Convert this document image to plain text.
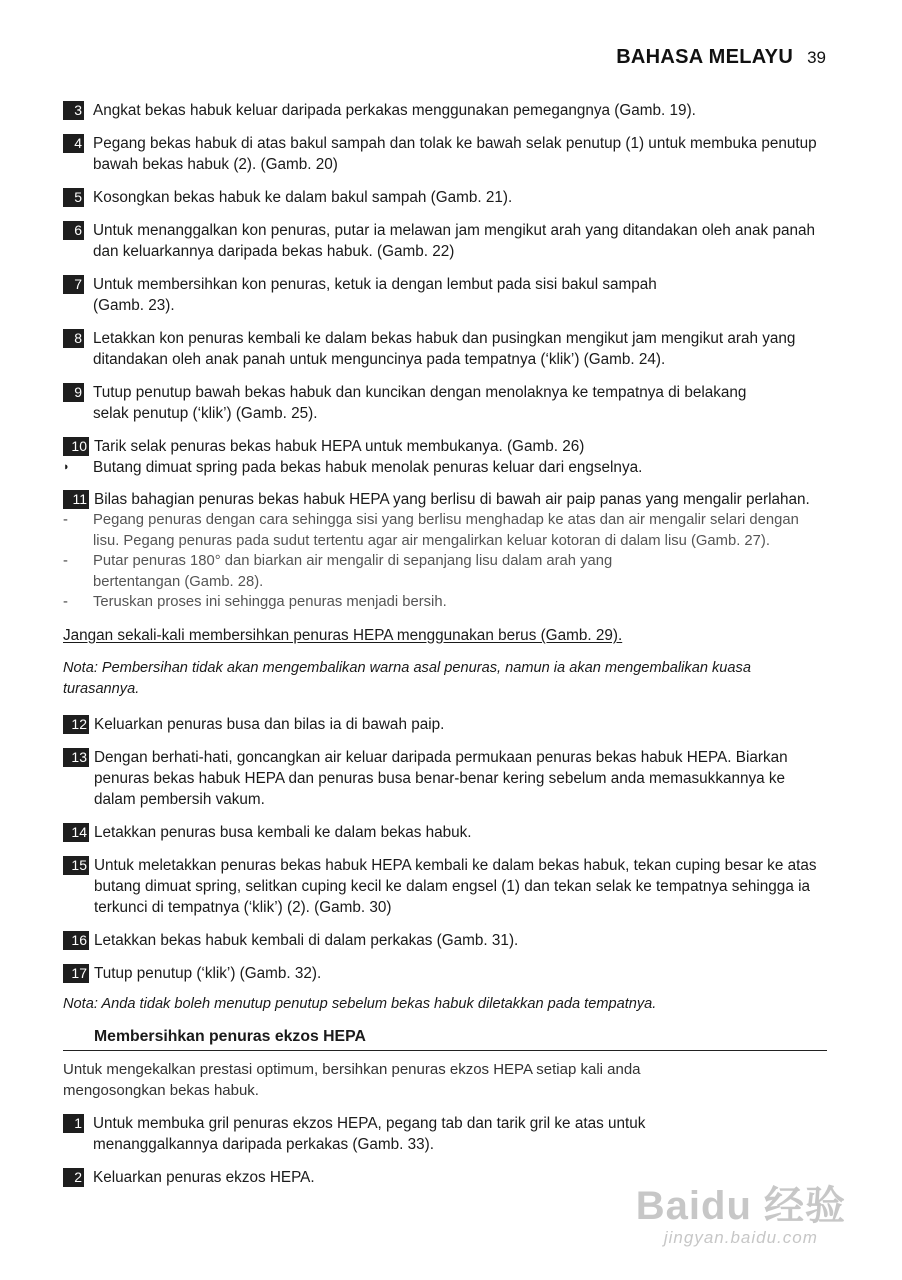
BAHASA MELAYU 39
3 Angkat bekas habuk keluar daripada perkakas menggunakan pemegangnya (Gamb. 19).
4 Pegang bekas habuk di atas bakul sampah dan tolak ke bawah selak penutup (1) untuk membuka penutup bawah bekas habuk (2). (Gamb. 20)
5 Kosongkan bekas habuk ke dalam bakul sampah (Gamb. 21).
6 Untuk menanggalkan kon penuras, putar ia melawan jam mengikut arah yang ditandakan oleh anak panah dan keluarkannya daripada bekas habuk. (Gamb. 22)
7 Untuk membersihkan kon penuras, ketuk ia dengan lembut pada sisi bakul sampah (Gamb. 23).
8 Letakkan kon penuras kembali ke dalam bekas habuk dan pusingkan mengikut jam mengikut arah yang ditandakan oleh anak panah untuk menguncinya pada tempatnya (‘klik’) (Gamb. 24).
9 Tutup penutup bawah bekas habuk dan kuncikan dengan menolaknya ke tempatnya di belakang selak penutup (‘klik’) (Gamb. 25).
10 Tarik selak penuras bekas habuk HEPA untuk membukanya. (Gamb. 26)
◗	Butang dimuat spring pada bekas habuk menolak penuras keluar dari engselnya.
11 Bilas bahagian penuras bekas habuk HEPA yang berlisu di bawah air paip panas yang mengalir perlahan.
-	Pegang penuras dengan cara sehingga sisi yang berlisu menghadap ke atas dan air mengalir selari dengan lisu. Pegang penuras pada sudut tertentu agar air mengalirkan keluar kotoran di dalam lisu (Gamb. 27).
-	Putar penuras 180° dan biarkan air mengalir di sepanjang lisu dalam arah yang bertentangan (Gamb. 28).
-	Teruskan proses ini sehingga penuras menjadi bersih.
Jangan sekali-kali membersihkan penuras HEPA menggunakan berus (Gamb. 29).
Nota: Pembersihan tidak akan mengembalikan warna asal penuras, namun ia akan mengembalikan kuasa turasannya.
12 Keluarkan penuras busa dan bilas ia di bawah paip.
13 Dengan berhati-hati, goncangkan air keluar daripada permukaan penuras bekas habuk HEPA. Biarkan penuras bekas habuk HEPA dan penuras busa benar-benar kering sebelum anda memasukkannya ke dalam pembersih vakum.
14 Letakkan penuras busa kembali ke dalam bekas habuk.
15 Untuk meletakkan penuras bekas habuk HEPA kembali ke dalam bekas habuk, tekan cuping besar ke atas butang dimuat spring, selitkan cuping kecil ke dalam engsel (1) dan tekan selak ke tempatnya sehingga ia terkunci di tempatnya (‘klik’) (2). (Gamb. 30)
16 Letakkan bekas habuk kembali di dalam perkakas (Gamb. 31).
17 Tutup penutup (‘klik’) (Gamb. 32).
Nota: Anda tidak boleh menutup penutup sebelum bekas habuk diletakkan pada tempatnya.
Membersihkan penuras ekzos HEPA
Untuk mengekalkan prestasi optimum, bersihkan penuras ekzos HEPA setiap kali anda mengosongkan bekas habuk.
1 Untuk membuka gril penuras ekzos HEPA, pegang tab dan tarik gril ke atas untuk menanggalkannya daripada perkakas (Gamb. 33).
2 Keluarkan penuras ekzos HEPA.
Baidu 经验
jingyan.baidu.com
